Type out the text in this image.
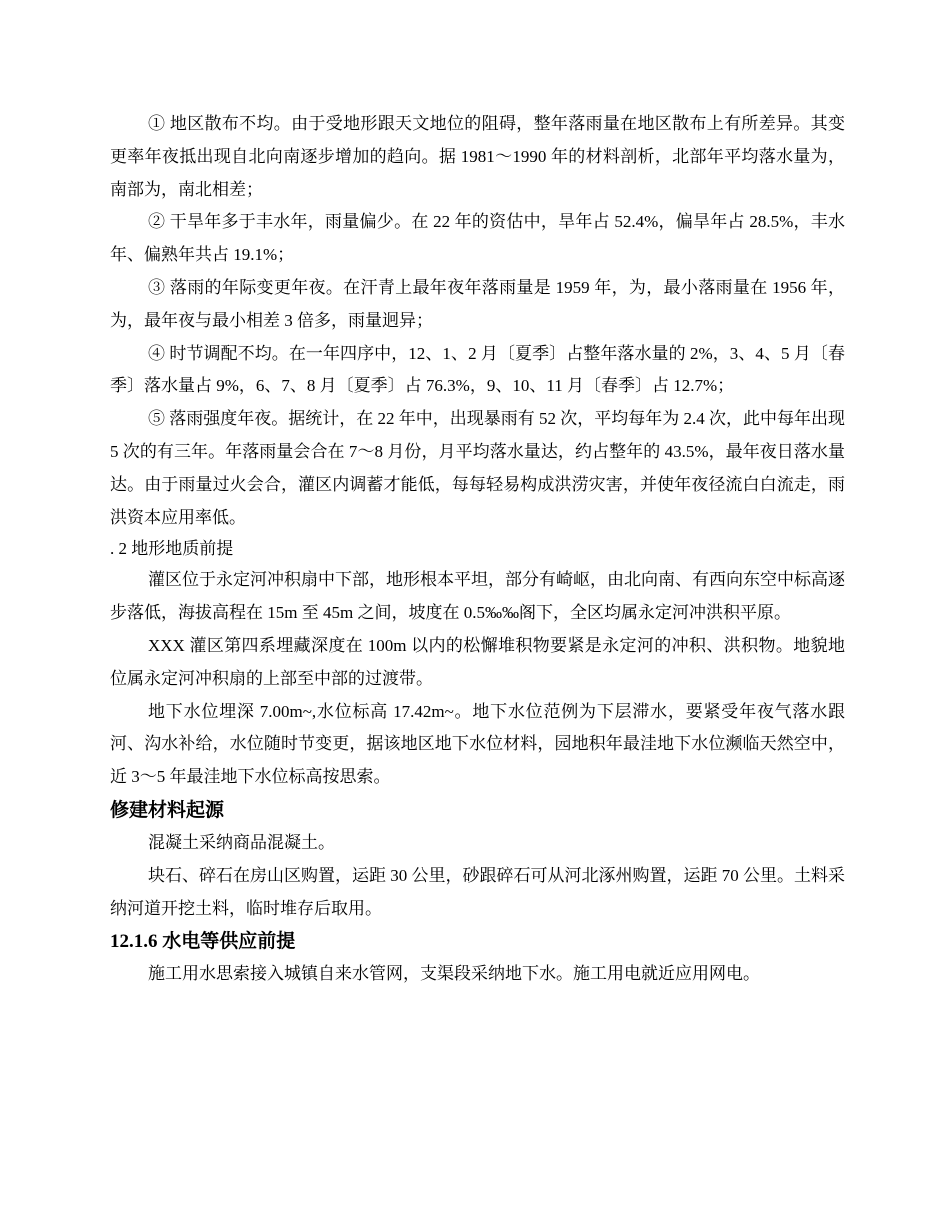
① 地区散布不均。由于受地形跟天文地位的阻碍，整年落雨量在地区散布上有所差异。其变更率年夜抵出现自北向南逐步增加的趋向。据 1981～1990 年的材料剖析，北部年平均落水量为，南部为，南北相差；

② 干旱年多于丰水年，雨量偏少。在 22 年的资估中，旱年占 52.4%，偏旱年占 28.5%，丰水年、偏熟年共占 19.1%；

③ 落雨的年际变更年夜。在汗青上最年夜年落雨量是 1959 年，为，最小落雨量在 1956 年，为，最年夜与最小相差 3 倍多，雨量迥异；

④ 时节调配不均。在一年四序中，12、1、2 月〔夏季〕占整年落水量的 2%，3、4、5 月〔春季〕落水量占 9%，6、7、8 月〔夏季〕占 76.3%，9、10、11 月〔春季〕占 12.7%；

⑤ 落雨强度年夜。据统计，在 22 年中，出现暴雨有 52 次，平均每年为 2.4 次，此中每年出现 5 次的有三年。年落雨量会合在 7～8 月份，月平均落水量达，约占整年的 43.5%，最年夜日落水量达。由于雨量过火会合，灌区内调蓄才能低，每每轻易构成洪涝灾害，并使年夜径流白白流走，雨洪资本应用率低。

. 2 地形地质前提

灌区位于永定河冲积扇中下部，地形根本平坦，部分有崎岖，由北向南、有西向东空中标高逐步落低，海拔高程在 15m 至 45m 之间，坡度在 0.5‰‰阁下，全区均属永定河冲洪积平原。

XXX 灌区第四系埋藏深度在 100m 以内的松懈堆积物要紧是永定河的冲积、洪积物。地貌地位属永定河冲积扇的上部至中部的过渡带。

地下水位埋深 7.00m~,水位标高 17.42m~。地下水位范例为下层滞水，要紧受年夜气落水跟河、沟水补给，水位随时节变更，据该地区地下水位材料，园地积年最洼地下水位濒临天然空中，近 3～5 年最洼地下水位标高按思索。

修建材料起源

混凝土采纳商品混凝土。

块石、碎石在房山区购置，运距 30 公里，砂跟碎石可从河北涿州购置，运距 70 公里。土料采纳河道开挖土料，临时堆存后取用。

12.1.6 水电等供应前提

施工用水思索接入城镇自来水管网，支渠段采纳地下水。施工用电就近应用网电。
